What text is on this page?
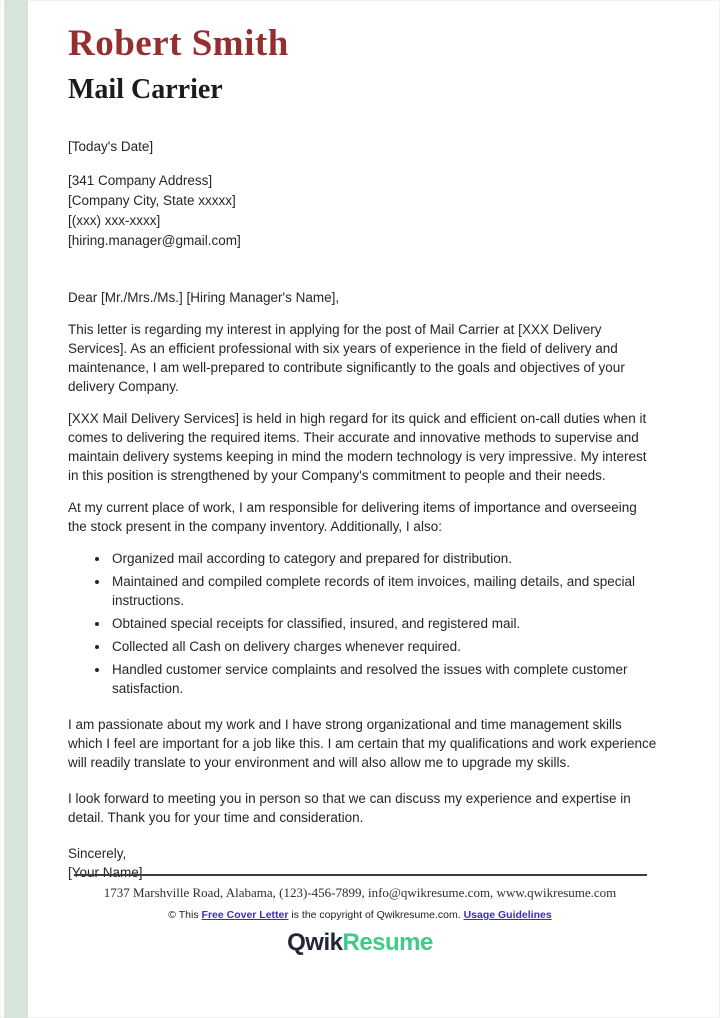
Robert Smith
Mail Carrier

[Today's Date]

[341 Company Address]

[Company City, State xxxxx]

[(xxx) xxx-xxxx]

[hiring.manager@gmail.com]

Dear [Mr./Mrs./Ms.] [Hiring Manager's Name],

This letter is regarding my interest in applying for the post of Mail Carrier at [XXX Delivery Services]. As an efficient professional with six years of experience in the field of delivery and maintenance, I am well-prepared to contribute significantly to the goals and objectives of your delivery Company.

[XXX Mail Delivery Services] is held in high regard for its quick and efficient on-call duties when it comes to delivering the required items. Their accurate and innovative methods to supervise and maintain delivery systems keeping in mind the modern technology is very impressive. My interest in this position is strengthened by your Company's commitment to people and their needs.

At my current place of work, I am responsible for delivering items of importance and overseeing the stock present in the company inventory. Additionally, I also:

• Organized mail according to category and prepared for distribution.
• Maintained and compiled complete records of item invoices, mailing details, and special instructions.
• Obtained special receipts for classified, insured, and registered mail.
• Collected all Cash on delivery charges whenever required.
• Handled customer service complaints and resolved the issues with complete customer satisfaction.

I am passionate about my work and I have strong organizational and time management skills which I feel are important for a job like this. I am certain that my qualifications and work experience will readily translate to your environment and will also allow me to upgrade my skills.

I look forward to meeting you in person so that we can discuss my experience and expertise in detail. Thank you for your time and consideration.

Sincerely,

[Your Name]

1737 Marshville Road, Alabama, (123)-456-7899, info@qwikresume.com, www.qwikresume.com

© This Free Cover Letter is the copyright of Qwikresume.com. Usage Guidelines

QwikResume
